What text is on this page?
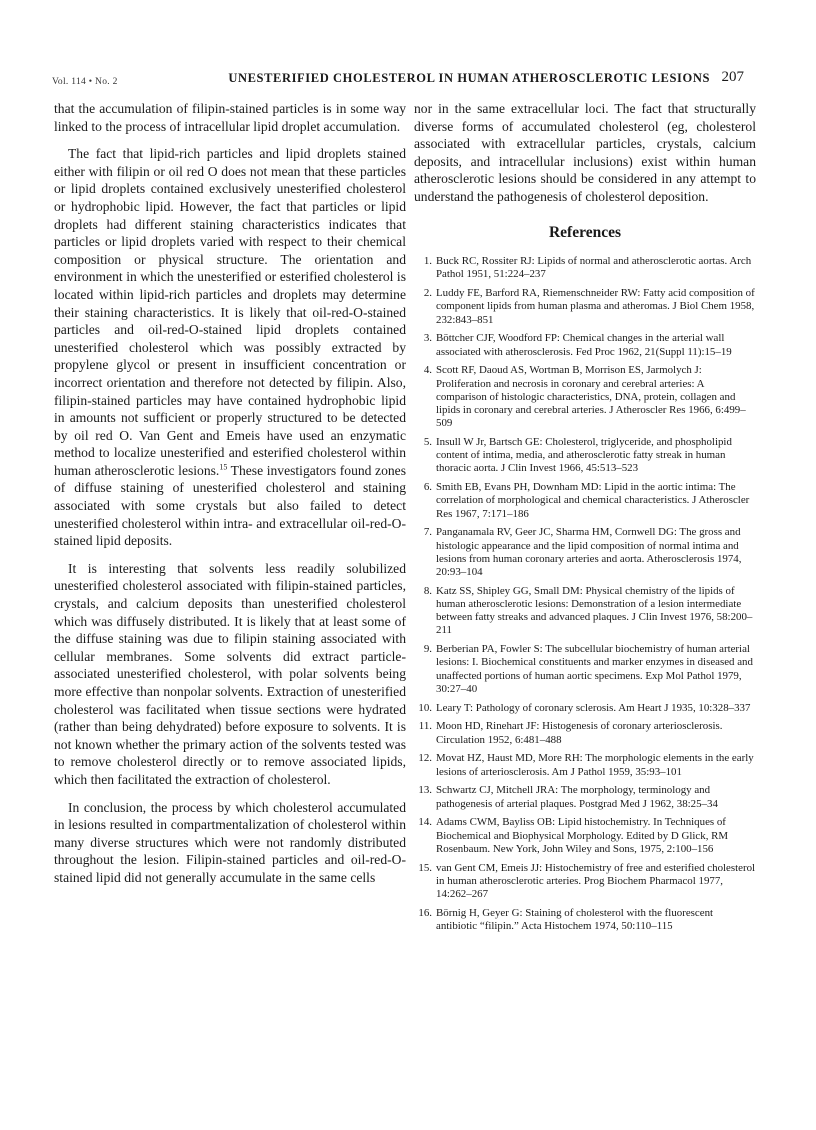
Vol. 114 • No. 2	UNESTERIFIED CHOLESTEROL IN HUMAN ATHEROSCLEROTIC LESIONS 207

that the accumulation of filipin-stained particles is in some way linked to the process of intracellular lipid droplet accumulation.

The fact that lipid-rich particles and lipid droplets stained either with filipin or oil red O does not mean that these particles or lipid droplets contained exclusively unesterified cholesterol or hydrophobic lipid. However, the fact that particles or lipid droplets had different staining characteristics indicates that particles or lipid droplets varied with respect to their chemical composition or physical structure. The orientation and environment in which the unesterified or esterified cholesterol is located within lipid-rich particles and droplets may determine their staining characteristics. It is likely that oil-red-O-stained particles and oil-red-O-stained lipid droplets contained unesterified cholesterol which was possibly extracted by propylene glycol or present in insufficient concentration or incorrect orientation and therefore not detected by filipin. Also, filipin-stained particles may have contained hydrophobic lipid in amounts not sufficient or properly structured to be detected by oil red O. Van Gent and Emeis have used an enzymatic method to localize unesterified and esterified cholesterol within human atherosclerotic lesions.$^{15}$ These investigators found zones of diffuse staining of unesterified cholesterol and staining associated with some crystals but also failed to detect unesterified cholesterol within intra- and extracellular oil-red-O-stained lipid deposits.

It is interesting that solvents less readily solubilized unesterified cholesterol associated with filipin-stained particles, crystals, and calcium deposits than unesterified cholesterol which was diffusely distributed. It is likely that at least some of the diffuse staining was due to filipin staining associated with cellular membranes. Some solvents did extract particle-associated unesterified cholesterol, with polar solvents being more effective than nonpolar solvents. Extraction of unesterified cholesterol was facilitated when tissue sections were hydrated (rather than being dehydrated) before exposure to solvents. It is not known whether the primary action of the solvents tested was to remove cholesterol directly or to remove associated lipids, which then facilitated the extraction of cholesterol.

In conclusion, the process by which cholesterol accumulated in lesions resulted in compartmentalization of cholesterol within many diverse structures which were not randomly distributed throughout the lesion. Filipin-stained particles and oil-red-O-stained lipid did not generally accumulate in the same cells

nor in the same extracellular loci. The fact that structurally diverse forms of accumulated cholesterol (eg, cholesterol associated with extracellular particles, crystals, calcium deposits, and intracellular inclusions) exist within human atherosclerotic lesions should be considered in any attempt to understand the pathogenesis of cholesterol deposition.

References
1. Buck RC, Rossiter RJ: Lipids of normal and atherosclerotic aortas. Arch Pathol 1951, 51:224–237
2. Luddy FE, Barford RA, Riemenschneider RW: Fatty acid composition of component lipids from human plasma and atheromas. J Biol Chem 1958, 232:843–851
3. Böttcher CJF, Woodford FP: Chemical changes in the arterial wall associated with atherosclerosis. Fed Proc 1962, 21(Suppl 11):15–19
4. Scott RF, Daoud AS, Wortman B, Morrison ES, Jarmolych J: Proliferation and necrosis in coronary and cerebral arteries: A comparison of histologic characteristics, DNA, protein, collagen and lipids in coronary and cerebral arteries. J Atheroscler Res 1966, 6:499–509
5. Insull W Jr, Bartsch GE: Cholesterol, triglyceride, and phospholipid content of intima, media, and atherosclerotic fatty streak in human thoracic aorta. J Clin Invest 1966, 45:513–523
6. Smith EB, Evans PH, Downham MD: Lipid in the aortic intima: The correlation of morphological and chemical characteristics. J Atheroscler Res 1967, 7:171–186
7. Panganamala RV, Geer JC, Sharma HM, Cornwell DG: The gross and histologic appearance and the lipid composition of normal intima and lesions from human coronary arteries and aorta. Atherosclerosis 1974, 20:93–104
8. Katz SS, Shipley GG, Small DM: Physical chemistry of the lipids of human atherosclerotic lesions: Demonstration of a lesion intermediate between fatty streaks and advanced plaques. J Clin Invest 1976, 58:200–211
9. Berberian PA, Fowler S: The subcellular biochemistry of human arterial lesions: I. Biochemical constituents and marker enzymes in diseased and unaffected portions of human aortic specimens. Exp Mol Pathol 1979, 30:27–40
10. Leary T: Pathology of coronary sclerosis. Am Heart J 1935, 10:328–337
11. Moon HD, Rinehart JF: Histogenesis of coronary arteriosclerosis. Circulation 1952, 6:481–488
12. Movat HZ, Haust MD, More RH: The morphologic elements in the early lesions of arteriosclerosis. Am J Pathol 1959, 35:93–101
13. Schwartz CJ, Mitchell JRA: The morphology, terminology and pathogenesis of arterial plaques. Postgrad Med J 1962, 38:25–34
14. Adams CWM, Bayliss OB: Lipid histochemistry. In Techniques of Biochemical and Biophysical Morphology. Edited by D Glick, RM Rosenbaum. New York, John Wiley and Sons, 1975, 2:100–156
15. van Gent CM, Emeis JJ: Histochemistry of free and esterified cholesterol in human atherosclerotic arteries. Prog Biochem Pharmacol 1977, 14:262–267
16. Börnig H, Geyer G: Staining of cholesterol with the fluorescent antibiotic “filipin.” Acta Histochem 1974, 50:110–115
